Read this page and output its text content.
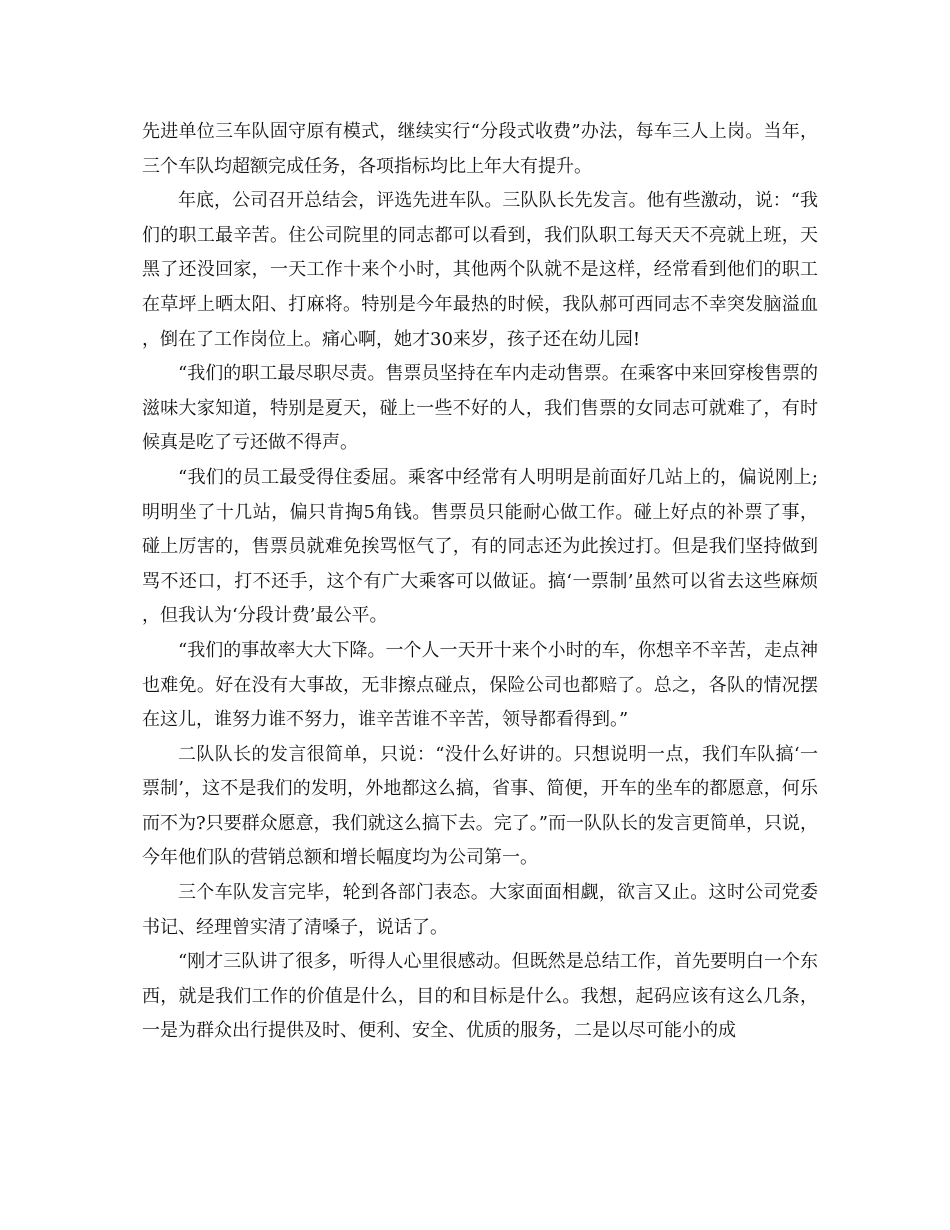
先进单位三车队固守原有模式，继续实行“分段式收费”办法，每车三人上岗。当年，三个车队均超额完成任务，各项指标均比上年大有提升。

年底，公司召开总结会，评选先进车队。三队队长先发言。他有些激动，说：“我们的职工最辛苦。住公司院里的同志都可以看到，我们队职工每天天不亮就上班，天黑了还没回家，一天工作十来个小时，其他两个队就不是这样，经常看到他们的职工在草坪上晒太阳、打麻将。特别是今年最热的时候，我队郝可西同志不幸突发脑溢血，倒在了工作岗位上。痛心啊，她才30来岁，孩子还在幼儿园!

“我们的职工最尽职尽责。售票员坚持在车内走动售票。在乘客中来回穿梭售票的滋味大家知道，特别是夏天，碰上一些不好的人，我们售票的女同志可就难了，有时候真是吃了亏还做不得声。

“我们的员工最受得住委屈。乘客中经常有人明明是前面好几站上的，偏说刚上;明明坐了十几站，偏只肯掏5角钱。售票员只能耐心做工作。碰上好点的补票了事，碰上厉害的，售票员就难免挨骂怄气了，有的同志还为此挨过打。但是我们坚持做到骂不还口，打不还手，这个有广大乘客可以做证。搞‘一票制’虽然可以省去这些麻烦，但我认为‘分段计费’最公平。

“我们的事故率大大下降。一个人一天开十来个小时的车，你想辛不辛苦，走点神也难免。好在没有大事故，无非擦点碰点，保险公司也都赔了。总之，各队的情况摆在这儿，谁努力谁不努力，谁辛苦谁不辛苦，领导都看得到。”

二队队长的发言很简单，只说：“没什么好讲的。只想说明一点，我们车队搞‘一票制’，这不是我们的发明，外地都这么搞，省事、简便，开车的坐车的都愿意，何乐而不为?只要群众愿意，我们就这么搞下去。完了。”而一队队长的发言更简单，只说，今年他们队的营销总额和增长幅度均为公司第一。

三个车队发言完毕，轮到各部门表态。大家面面相觑，欲言又止。这时公司党委书记、经理曾实清了清嗓子，说话了。

“刚才三队讲了很多，听得人心里很感动。但既然是总结工作，首先要明白一个东西，就是我们工作的价值是什么，目的和目标是什么。我想，起码应该有这么几条，一是为群众出行提供及时、便利、安全、优质的服务，二是以尽可能小的成
